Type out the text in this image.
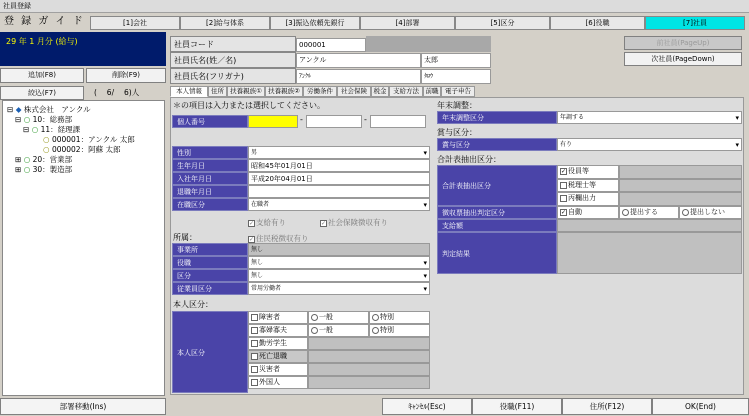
社員登録
登 録 ガ イ ド	[1]会社	[2]給与体系	[3]振込依頼先銀行	[4]部署	[5]区分	[6]役職	[7]社員
29 年 1 月分 (給与)
追加(F8)	削除(F9)
絞込(F7)	(　 6/　 6)人
⊟ ◆ 株式会社　アンクル
⊟ ○ 10：総務部
⊟ ○ 11：経理課
○ 000001：アンクル 太郎
○ 000002：阿蘇 太郎
⊞ ○ 20：営業部
⊞ ○ 30：製造部
社員コード	000001
社員氏名(姓／名)	アンクル	太郎
社員氏名(フリガナ)	ｱﾝｸﾙ	ﾀﾛｳ
前社員(PageUp)
次社員(PageDown)
本人情報	住所 扶養親族① 扶養親族②	労働条件	社会保険	税金	支給方法	前職	電子申告
＊の項目は入力または選択してください。
個人番号	-	-
性別	男 ▾
生年月日	昭和45年01月01日
入社年月日	平成20年04月01日
退職年月日
在職区分	在職者 ▾
✓ 支給有り	✓ 社会保険徴収有り
✓ 住民税徴収有り
所属：
事業所	無し
役職	無し ▾
区分	無し ▾
従業員区分	常用労働者 ▾
本人区分：
本人区分
障害者	一般	特別
寡婦寡夫	一般	特別
勤労学生
死亡退職
災害者
外国人
年末調整：
年末調整区分	年調する ▾
賞与区分：
賞与区分	有り ▾
合計表抽出区分：
合計表抽出区分
✓ 役員等
税理士等
丙欄出力
徴収票抽出判定区分	✓ 自動	提出する	提出しない
支給額
判定結果
部署移動(Ins)	ｷｬﾝｾﾙ(Esc)	役職(F11)	住所(F12)	OK(End)
